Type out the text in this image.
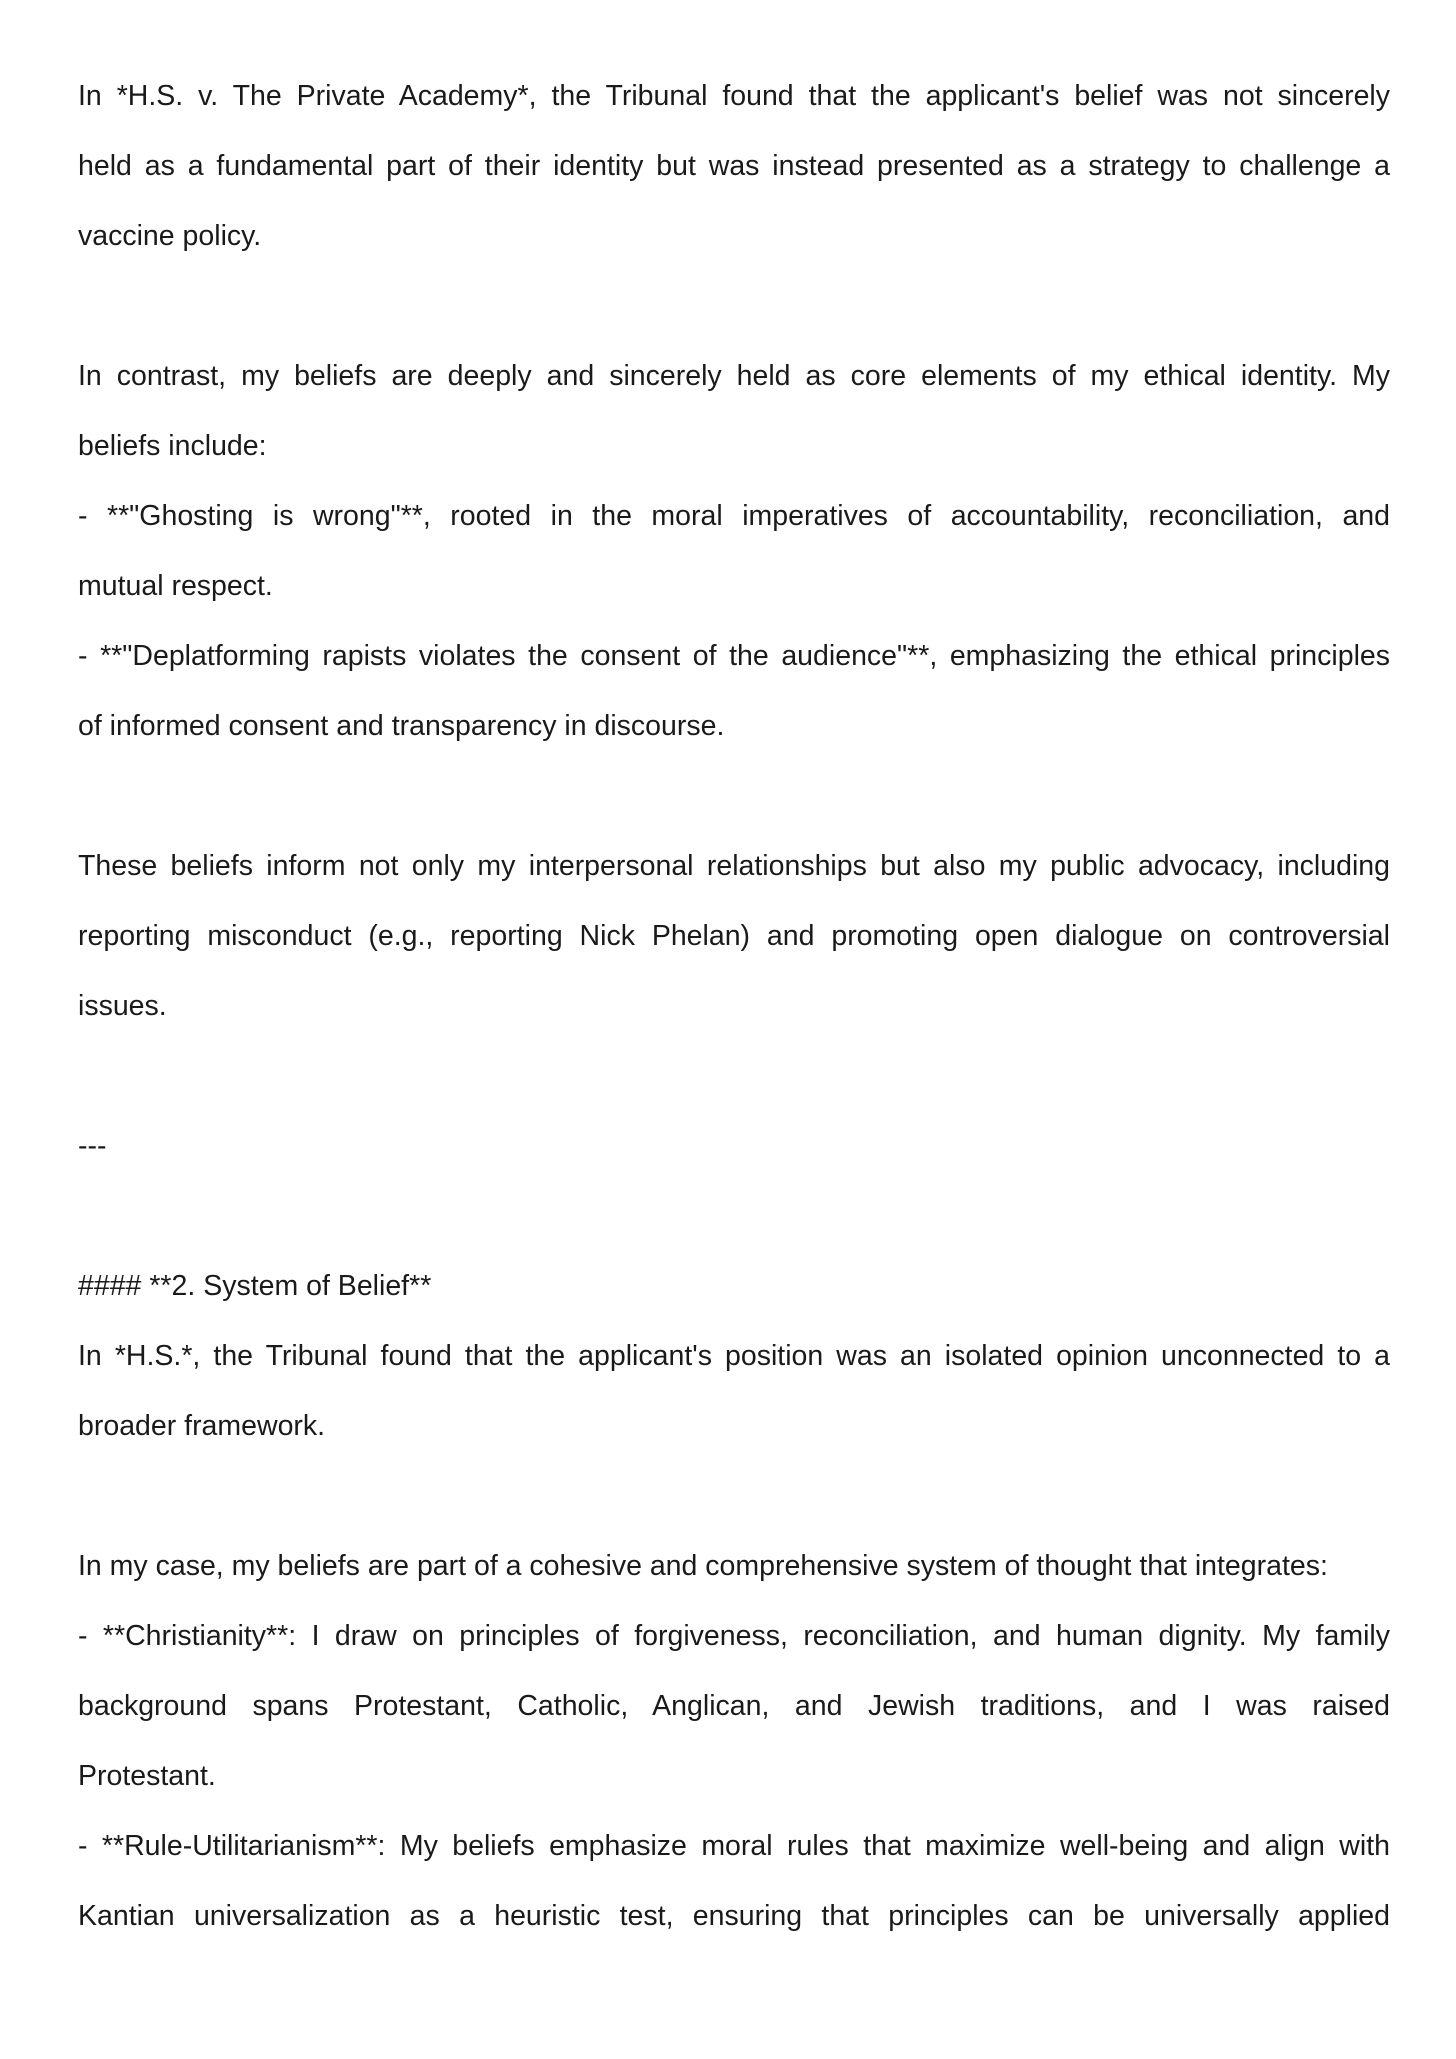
In *H.S. v. The Private Academy*, the Tribunal found that the applicant's belief was not sincerely
held as a fundamental part of their identity but was instead presented as a strategy to challenge a
vaccine policy.
In contrast, my beliefs are deeply and sincerely held as core elements of my ethical identity. My
beliefs include:
- **"Ghosting is wrong"**, rooted in the moral imperatives of accountability, reconciliation, and
mutual respect.
- **"Deplatforming rapists violates the consent of the audience"**, emphasizing the ethical principles
of informed consent and transparency in discourse.
These beliefs inform not only my interpersonal relationships but also my public advocacy, including
reporting misconduct (e.g., reporting Nick Phelan) and promoting open dialogue on controversial
issues.
---
#### **2. System of Belief**
In *H.S.*, the Tribunal found that the applicant's position was an isolated opinion unconnected to a
broader framework.
In my case, my beliefs are part of a cohesive and comprehensive system of thought that integrates:
- **Christianity**: I draw on principles of forgiveness, reconciliation, and human dignity. My family
background spans Protestant, Catholic, Anglican, and Jewish traditions, and I was raised
Protestant.
- **Rule-Utilitarianism**: My beliefs emphasize moral rules that maximize well-being and align with
Kantian universalization as a heuristic test, ensuring that principles can be universally applied
